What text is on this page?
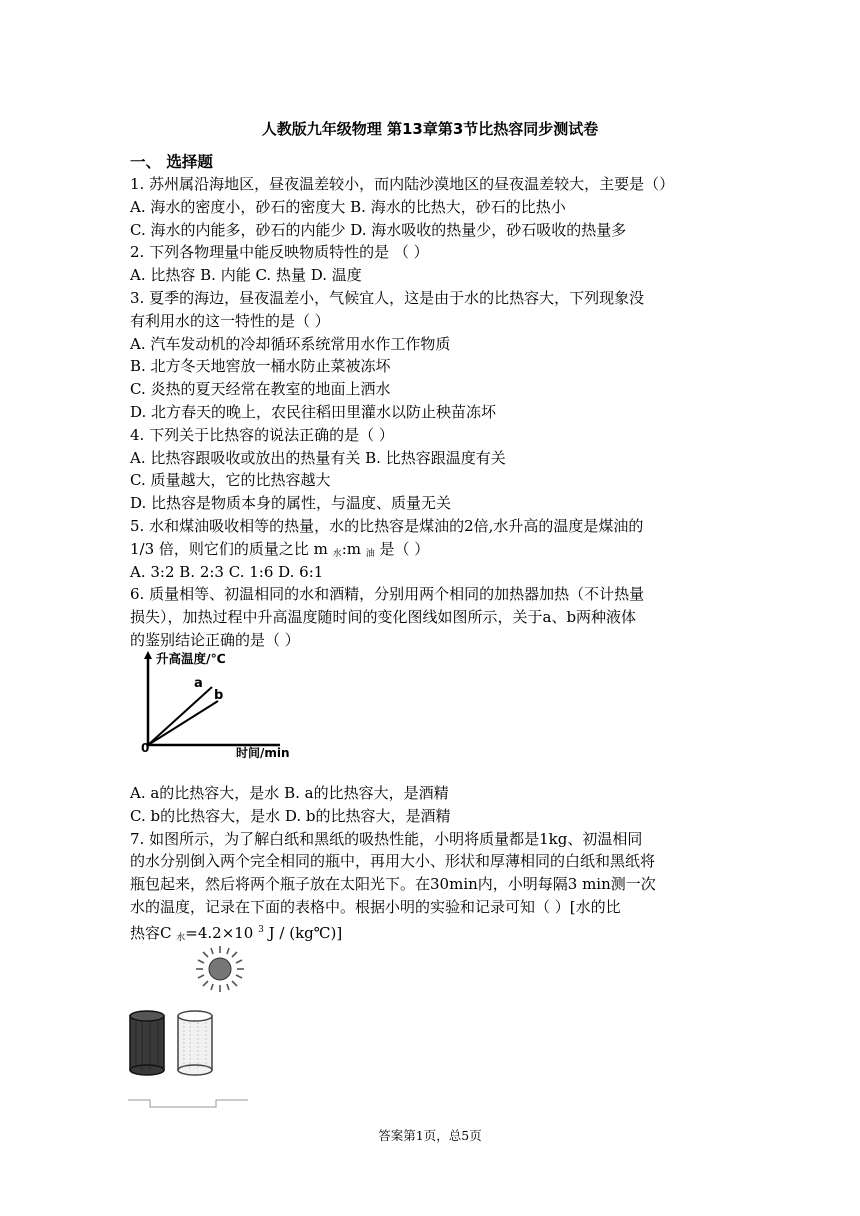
人教版九年级物理 第13章第3节比热容同步测试卷
一、 选择题
1. 苏州属沿海地区，昼夜温差较小，而内陆沙漠地区的昼夜温差较大，主要是（）
A. 海水的密度小，砂石的密度大 B. 海水的比热大，砂石的比热小
C. 海水的内能多，砂石的内能少 D. 海水吸收的热量少，砂石吸收的热量多
2. 下列各物理量中能反映物质特性的是 （ ）
A. 比热容 B. 内能 C. 热量 D. 温度
3. 夏季的海边，昼夜温差小，气候宜人，这是由于水的比热容大，下列现象没
有利用水的这一特性的是（ ）
A. 汽车发动机的冷却循环系统常用水作工作物质
B. 北方冬天地窖放一桶水防止菜被冻坏
C. 炎热的夏天经常在教室的地面上洒水
D. 北方春天的晚上，农民往稻田里灌水以防止秧苗冻坏
4. 下列关于比热容的说法正确的是（ ）
A. 比热容跟吸收或放出的热量有关 B. 比热容跟温度有关
C. 质量越大，它的比热容越大
D. 比热容是物质本身的属性，与温度、质量无关
5. 水和煤油吸收相等的热量，水的比热容是煤油的2倍,水升高的温度是煤油的
1/3 倍，则它们的质量之比 m $_水$:m $_油$ 是（ ）
A. 3:2 B. 2:3 C. 1:6 D. 6:1
6. 质量相等、初温相同的水和酒精，分别用两个相同的加热器加热（不计热量
损失），加热过程中升高温度随时间的变化图线如图所示，关于a、b两种液体
的鉴别结论正确的是（ ）
升高温度/℃
a
b
0	时间/min
A. a的比热容大，是水 B. a的比热容大，是酒精
C. b的比热容大，是水 D. b的比热容大，是酒精
7. 如图所示，为了解白纸和黑纸的吸热性能，小明将质量都是1kg、初温相同
的水分别倒入两个完全相同的瓶中，再用大小、形状和厚薄相同的白纸和黑纸将
瓶包起来，然后将两个瓶子放在太阳光下。在30min内，小明每隔3 min测一次
水的温度，记录在下面的表格中。根据小明的实验和记录可知（ ）[水的比
热容C $_水$=4.2×10 $^3$ J / (kg℃)]
答案第1页，总5页
